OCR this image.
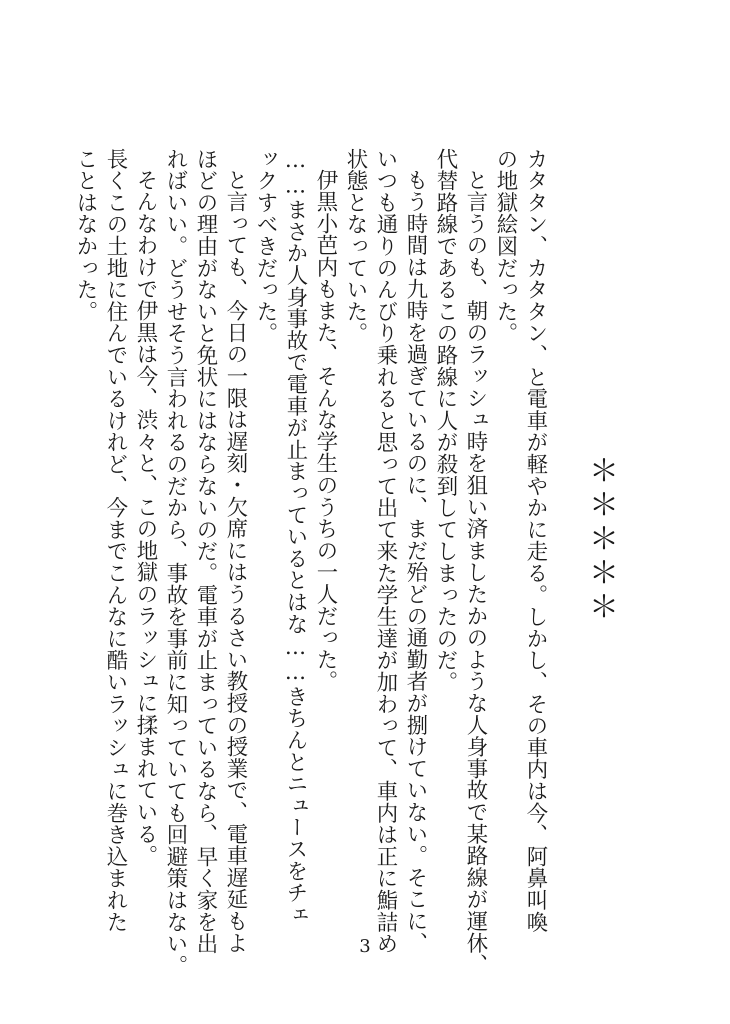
＊＊＊＊＊
カタタン、カタタン、と電車が軽やかに走る。しかし、その車内は今、阿鼻叫喚
の地獄絵図だった。
と言うのも、朝のラッシュ時を狙い済ましたかのような人身事故で某路線が運休、
代替路線であるこの路線に人が殺到してしまったのだ。
もう時間は九時を過ぎているのに、まだ殆どの通勤者が捌けていない。そこに、
いつも通りのんびり乗れると思って出て来た学生達が加わって、車内は正に鮨詰め
状態となっていた。
伊黒小芭内もまた、そんな学生のうちの一人だった。
……まさか人身事故で電車が止まっているとはな……きちんとニュースをチェ
ックすべきだった。
と言っても、今日の一限は遅刻・欠席にはうるさい教授の授業で、電車遅延もよ
ほどの理由がないと免状にはならないのだ。電車が止まっているなら、早く家を出
ればいい。どうせそう言われるのだから、事故を事前に知っていても回避策はない。
そんなわけで伊黒は今、渋々と、この地獄のラッシュに揉まれている。
長くこの土地に住んでいるけれど、今までこんなに酷いラッシュに巻き込まれた
ことはなかった。
3
